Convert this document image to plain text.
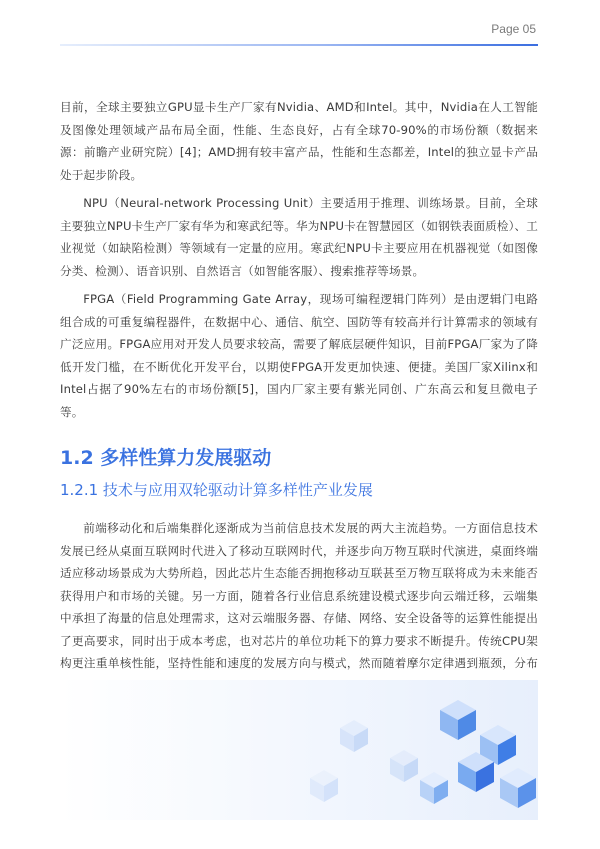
Page 05

目前，全球主要独立GPU显卡生产厂家有Nvidia、AMD和Intel。其中，Nvidia在人工智能及图像处理领域产品布局全面，性能、生态良好，占有全球70-90%的市场份额（数据来源：前瞻产业研究院）[4]；AMD拥有较丰富产品，性能和生态都差，Intel的独立显卡产品处于起步阶段。

NPU（Neural-network Processing Unit）主要适用于推理、训练场景。目前，全球主要独立NPU卡生产厂家有华为和寒武纪等。华为NPU卡在智慧园区（如钢铁表面质检）、工业视觉（如缺陷检测）等领域有一定量的应用。寒武纪NPU卡主要应用在机器视觉（如图像分类、检测）、语音识别、自然语言（如智能客服）、搜索推荐等场景。

FPGA（Field Programming Gate Array，现场可编程逻辑门阵列）是由逻辑门电路组合成的可重复编程器件，在数据中心、通信、航空、国防等有较高并行计算需求的领域有广泛应用。FPGA应用对开发人员要求较高，需要了解底层硬件知识，目前FPGA厂家为了降低开发门槛，在不断优化开发平台，以期使FPGA开发更加快速、便捷。美国厂家Xilinx和Intel占据了90%左右的市场份额[5]，国内厂家主要有紫光同创、广东高云和复旦微电子等。

1.2 多样性算力发展驱动
1.2.1 技术与应用双轮驱动计算多样性产业发展

前端移动化和后端集群化逐渐成为当前信息技术发展的两大主流趋势。一方面信息技术发展已经从桌面互联网时代进入了移动互联网时代，并逐步向万物互联时代演进，桌面终端适应移动场景成为大势所趋，因此芯片生态能否拥抱移动互联甚至万物互联将成为未来能否获得用户和市场的关键。另一方面，随着各行业信息系统建设模式逐步向云端迁移，云端集中承担了海量的信息处理需求，这对云端服务器、存储、网络、安全设备等的运算性能提出了更高要求，同时出于成本考虑，也对芯片的单位功耗下的算力要求不断提升。传统CPU架构更注重单核性能，坚持性能和速度的发展方向与模式，然而随着摩尔定律遇到瓶颈，分布
